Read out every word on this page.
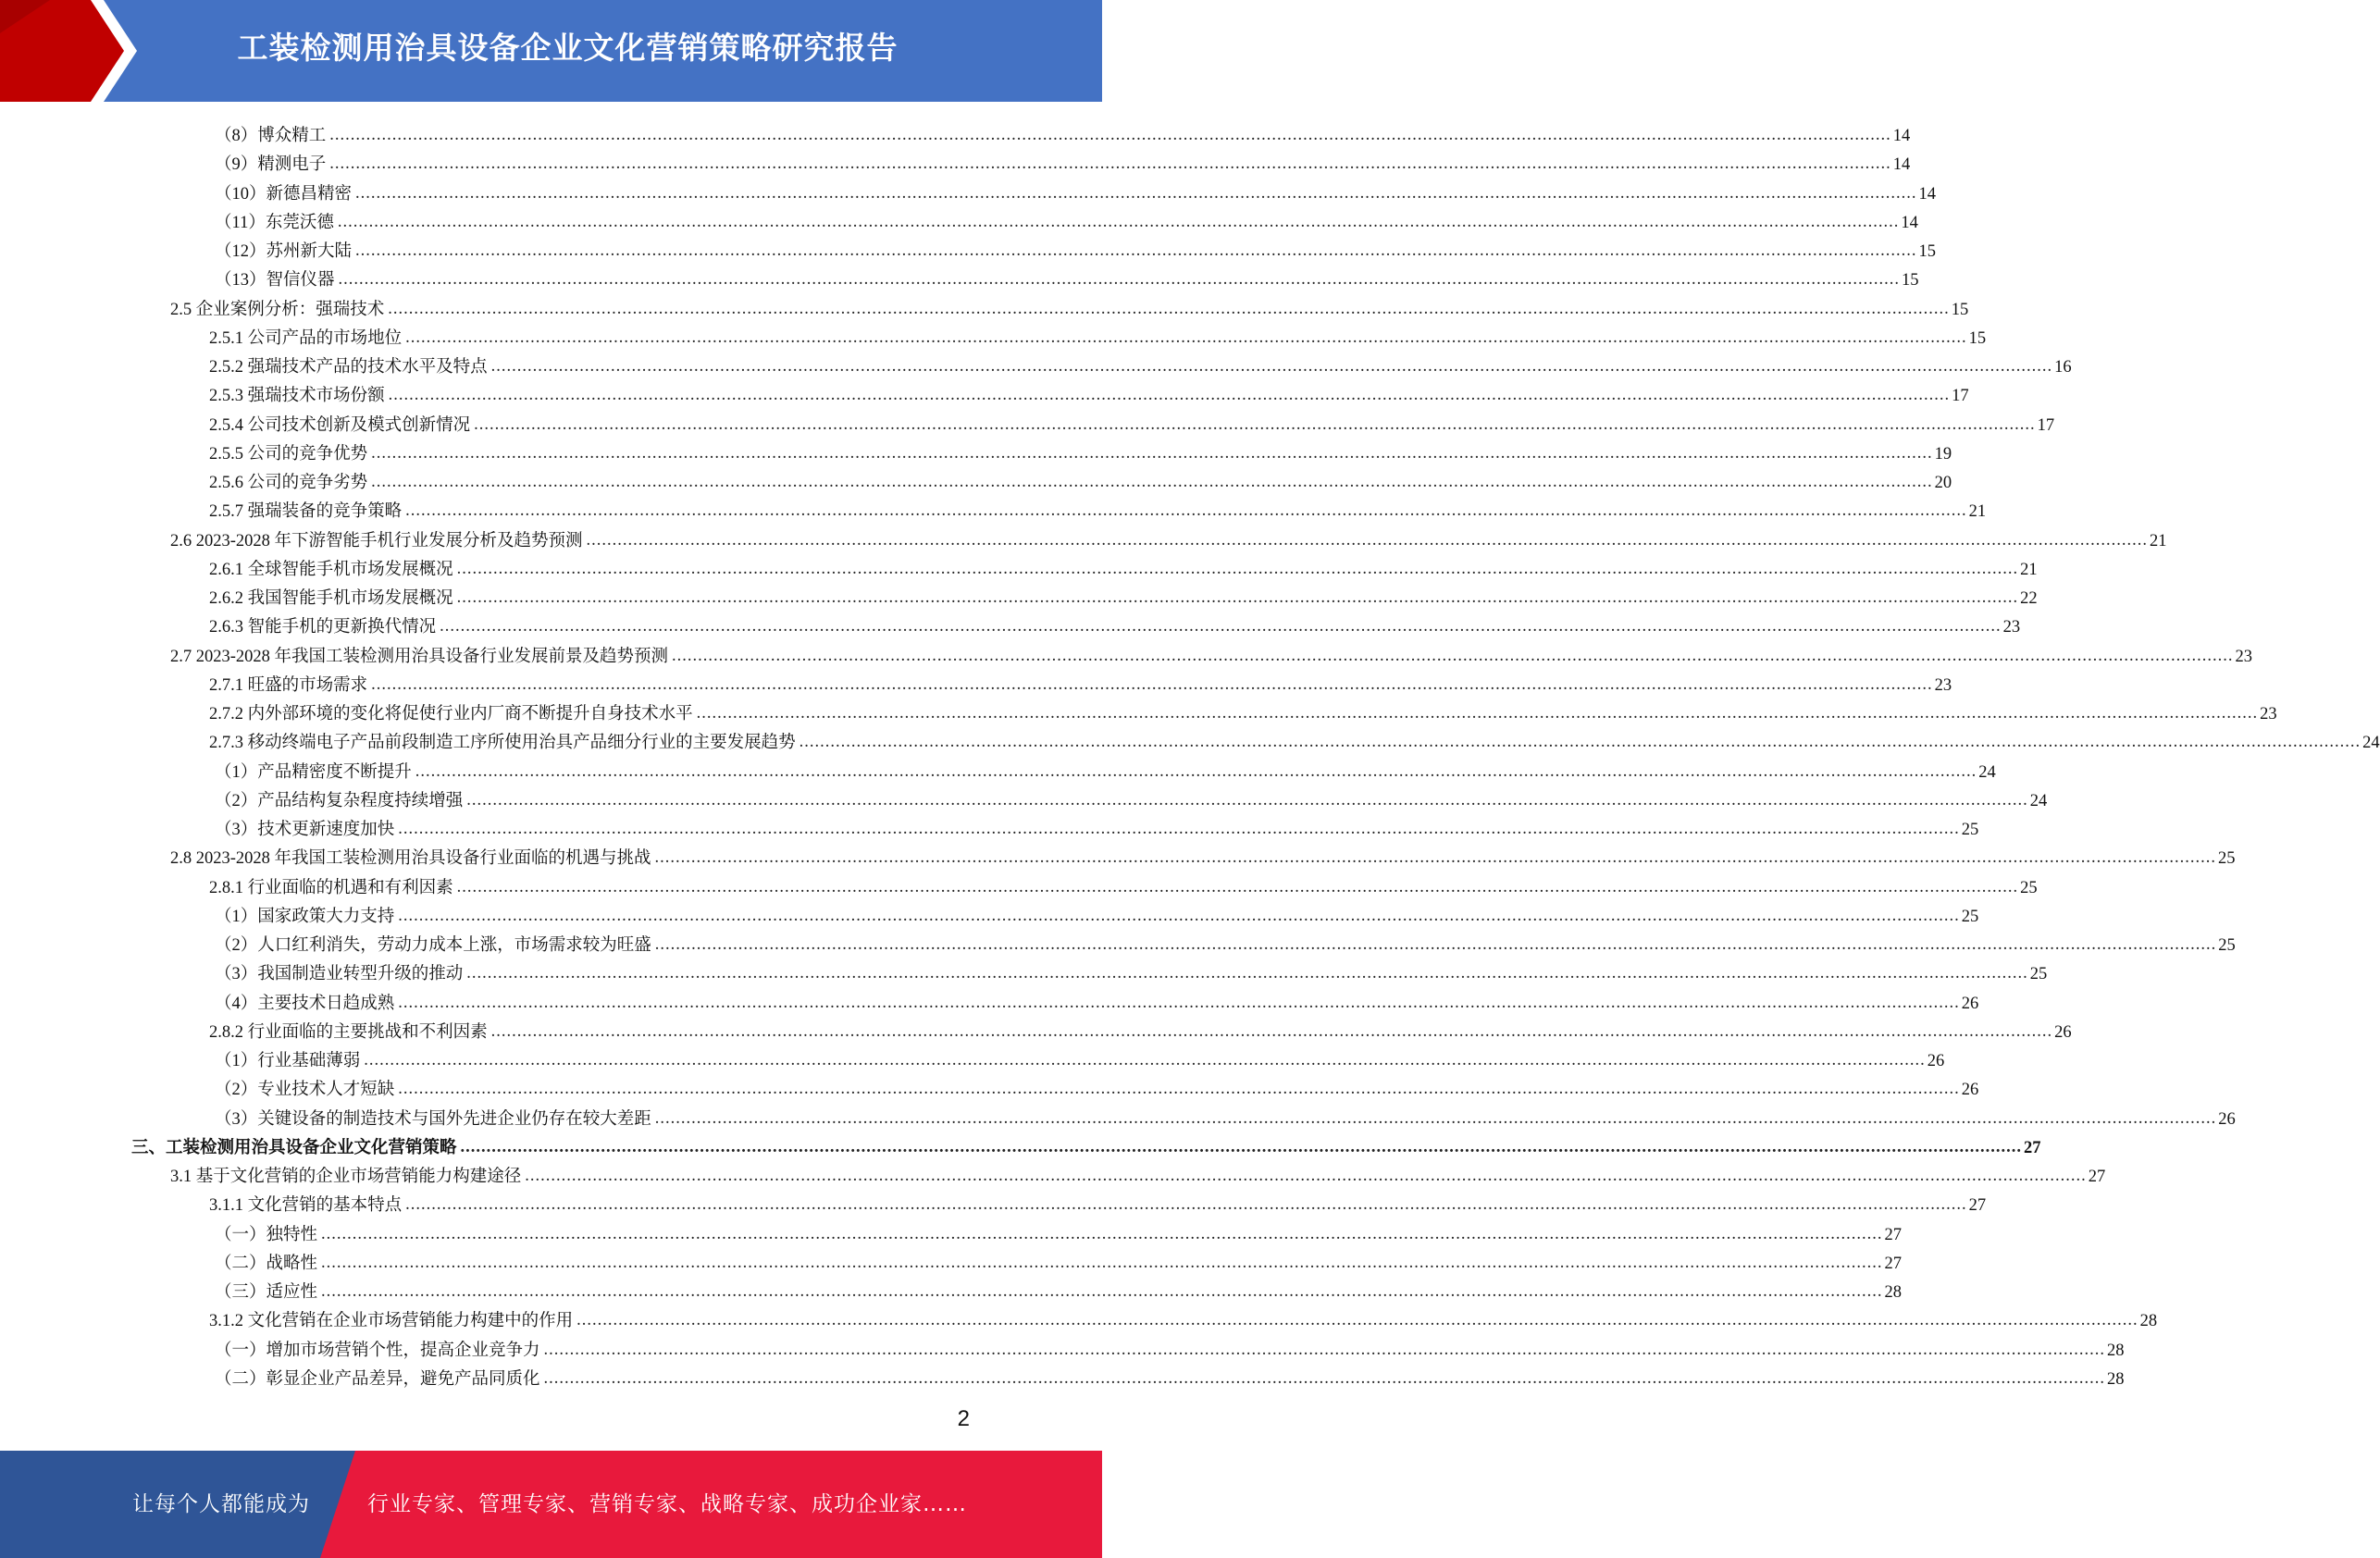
工装检测用治具设备企业文化营销策略研究报告
（8）博众精工 ............................................................................................................................................................................................................................................................................................................ 14
（9）精测电子 ............................................................................................................................................................................................................................................................................................................ 14
（10）新德昌精密 ............................................................................................................................................................................................................................................................................................................ 14
（11）东莞沃德 ............................................................................................................................................................................................................................................................................................................ 14
（12）苏州新大陆 ............................................................................................................................................................................................................................................................................................................ 15
（13）智信仪器 ............................................................................................................................................................................................................................................................................................................ 15
2.5 企业案例分析：强瑞技术 ............................................................................................................................................................................................................................................................................................................ 15
2.5.1 公司产品的市场地位 ............................................................................................................................................................................................................................................................................................................ 15
2.5.2 强瑞技术产品的技术水平及特点 ............................................................................................................................................................................................................................................................................................................ 16
2.5.3 强瑞技术市场份额 ............................................................................................................................................................................................................................................................................................................ 17
2.5.4 公司技术创新及模式创新情况 ............................................................................................................................................................................................................................................................................................................ 17
2.5.5 公司的竞争优势 ............................................................................................................................................................................................................................................................................................................ 19
2.5.6 公司的竞争劣势 ............................................................................................................................................................................................................................................................................................................ 20
2.5.7 强瑞装备的竞争策略 ............................................................................................................................................................................................................................................................................................................ 21
2.6 2023-2028 年下游智能手机行业发展分析及趋势预测 ............................................................................................................................................................................................................................................................................................................ 21
2.6.1 全球智能手机市场发展概况 ............................................................................................................................................................................................................................................................................................................ 21
2.6.2 我国智能手机市场发展概况 ............................................................................................................................................................................................................................................................................................................ 22
2.6.3 智能手机的更新换代情况 ............................................................................................................................................................................................................................................................................................................ 23
2.7 2023-2028 年我国工装检测用治具设备行业发展前景及趋势预测 ............................................................................................................................................................................................................................................................................................................ 23
2.7.1 旺盛的市场需求 ............................................................................................................................................................................................................................................................................................................ 23
2.7.2 内外部环境的变化将促使行业内厂商不断提升自身技术水平 ............................................................................................................................................................................................................................................................................................................ 23
2.7.3 移动终端电子产品前段制造工序所使用治具产品细分行业的主要发展趋势 ............................................................................................................................................................................................................................................................................................................ 24
（1）产品精密度不断提升 ............................................................................................................................................................................................................................................................................................................ 24
（2）产品结构复杂程度持续增强 ............................................................................................................................................................................................................................................................................................................ 24
（3）技术更新速度加快 ............................................................................................................................................................................................................................................................................................................ 25
2.8 2023-2028 年我国工装检测用治具设备行业面临的机遇与挑战 ............................................................................................................................................................................................................................................................................................................ 25
2.8.1 行业面临的机遇和有利因素 ............................................................................................................................................................................................................................................................................................................ 25
（1）国家政策大力支持 ............................................................................................................................................................................................................................................................................................................ 25
（2）人口红利消失，劳动力成本上涨，市场需求较为旺盛 ............................................................................................................................................................................................................................................................................................................ 25
（3）我国制造业转型升级的推动 ............................................................................................................................................................................................................................................................................................................ 25
（4）主要技术日趋成熟 ............................................................................................................................................................................................................................................................................................................ 26
2.8.2 行业面临的主要挑战和不利因素 ............................................................................................................................................................................................................................................................................................................ 26
（1）行业基础薄弱 ............................................................................................................................................................................................................................................................................................................ 26
（2）专业技术人才短缺 ............................................................................................................................................................................................................................................................................................................ 26
（3）关键设备的制造技术与国外先进企业仍存在较大差距 ............................................................................................................................................................................................................................................................................................................ 26
三、工装检测用治具设备企业文化营销策略 ............................................................................................................................................................................................................................................................................................................ 27
3.1 基于文化营销的企业市场营销能力构建途径 ............................................................................................................................................................................................................................................................................................................ 27
3.1.1 文化营销的基本特点 ............................................................................................................................................................................................................................................................................................................ 27
（一）独特性 ............................................................................................................................................................................................................................................................................................................ 27
（二）战略性 ............................................................................................................................................................................................................................................................................................................ 27
（三）适应性 ............................................................................................................................................................................................................................................................................................................ 28
3.1.2 文化营销在企业市场营销能力构建中的作用 ............................................................................................................................................................................................................................................................................................................ 28
（一）增加市场营销个性，提高企业竞争力 ............................................................................................................................................................................................................................................................................................................ 28
（二）彰显企业产品差异，避免产品同质化 ............................................................................................................................................................................................................................................................................................................ 28
2
让每个人都能成为	行业专家、管理专家、营销专家、战略专家、成功企业家……
